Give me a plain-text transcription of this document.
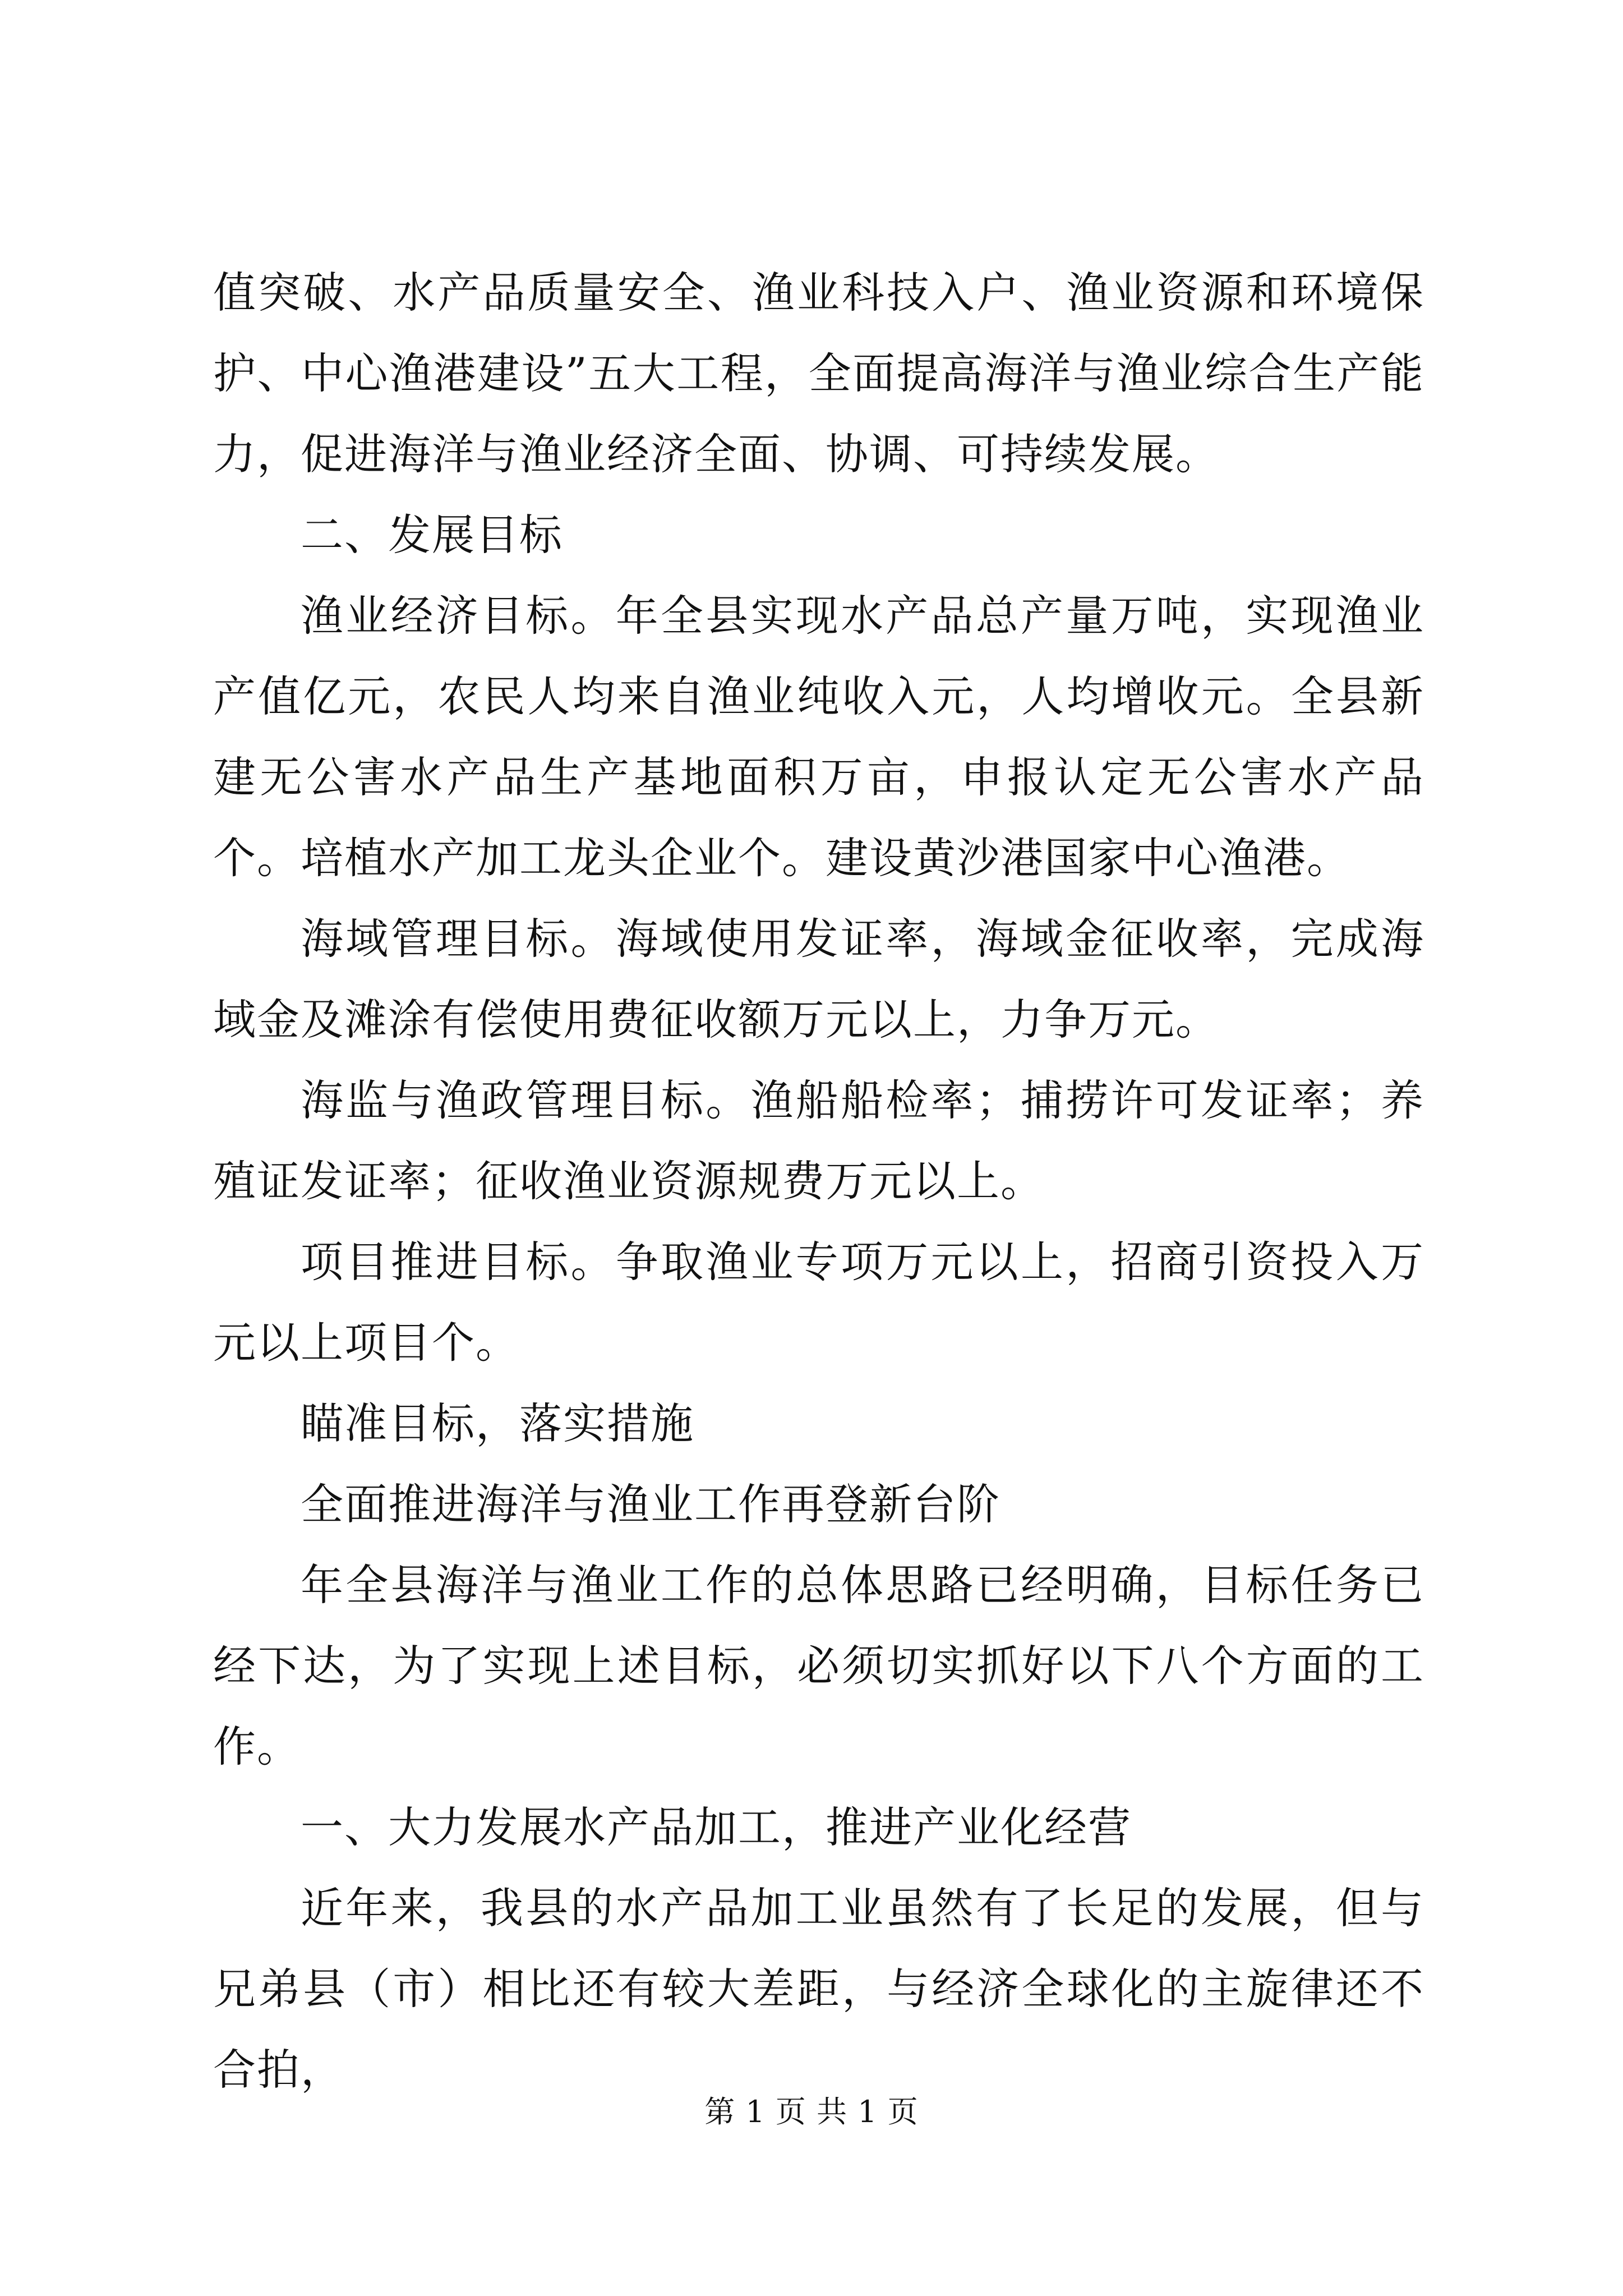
值突破、水产品质量安全、渔业科技入户、渔业资源和环境保护、中心渔港建设”五大工程，全面提高海洋与渔业综合生产能力，促进海洋与渔业经济全面、协调、可持续发展。

二、发展目标

渔业经济目标。年全县实现水产品总产量万吨，实现渔业产值亿元，农民人均来自渔业纯收入元，人均增收元。全县新建无公害水产品生产基地面积万亩，申报认定无公害水产品个。培植水产加工龙头企业个。建设黄沙港国家中心渔港。

海域管理目标。海域使用发证率，海域金征收率，完成海域金及滩涂有偿使用费征收额万元以上，力争万元。

海监与渔政管理目标。渔船船检率；捕捞许可发证率；养殖证发证率；征收渔业资源规费万元以上。

项目推进目标。争取渔业专项万元以上，招商引资投入万元以上项目个。

瞄准目标，落实措施

全面推进海洋与渔业工作再登新台阶

年全县海洋与渔业工作的总体思路已经明确，目标任务已经下达，为了实现上述目标，必须切实抓好以下八个方面的工作。

一、大力发展水产品加工，推进产业化经营

近年来，我县的水产品加工业虽然有了长足的发展，但与兄弟县（市）相比还有较大差距，与经济全球化的主旋律还不合拍，

第 1 页 共 1 页
